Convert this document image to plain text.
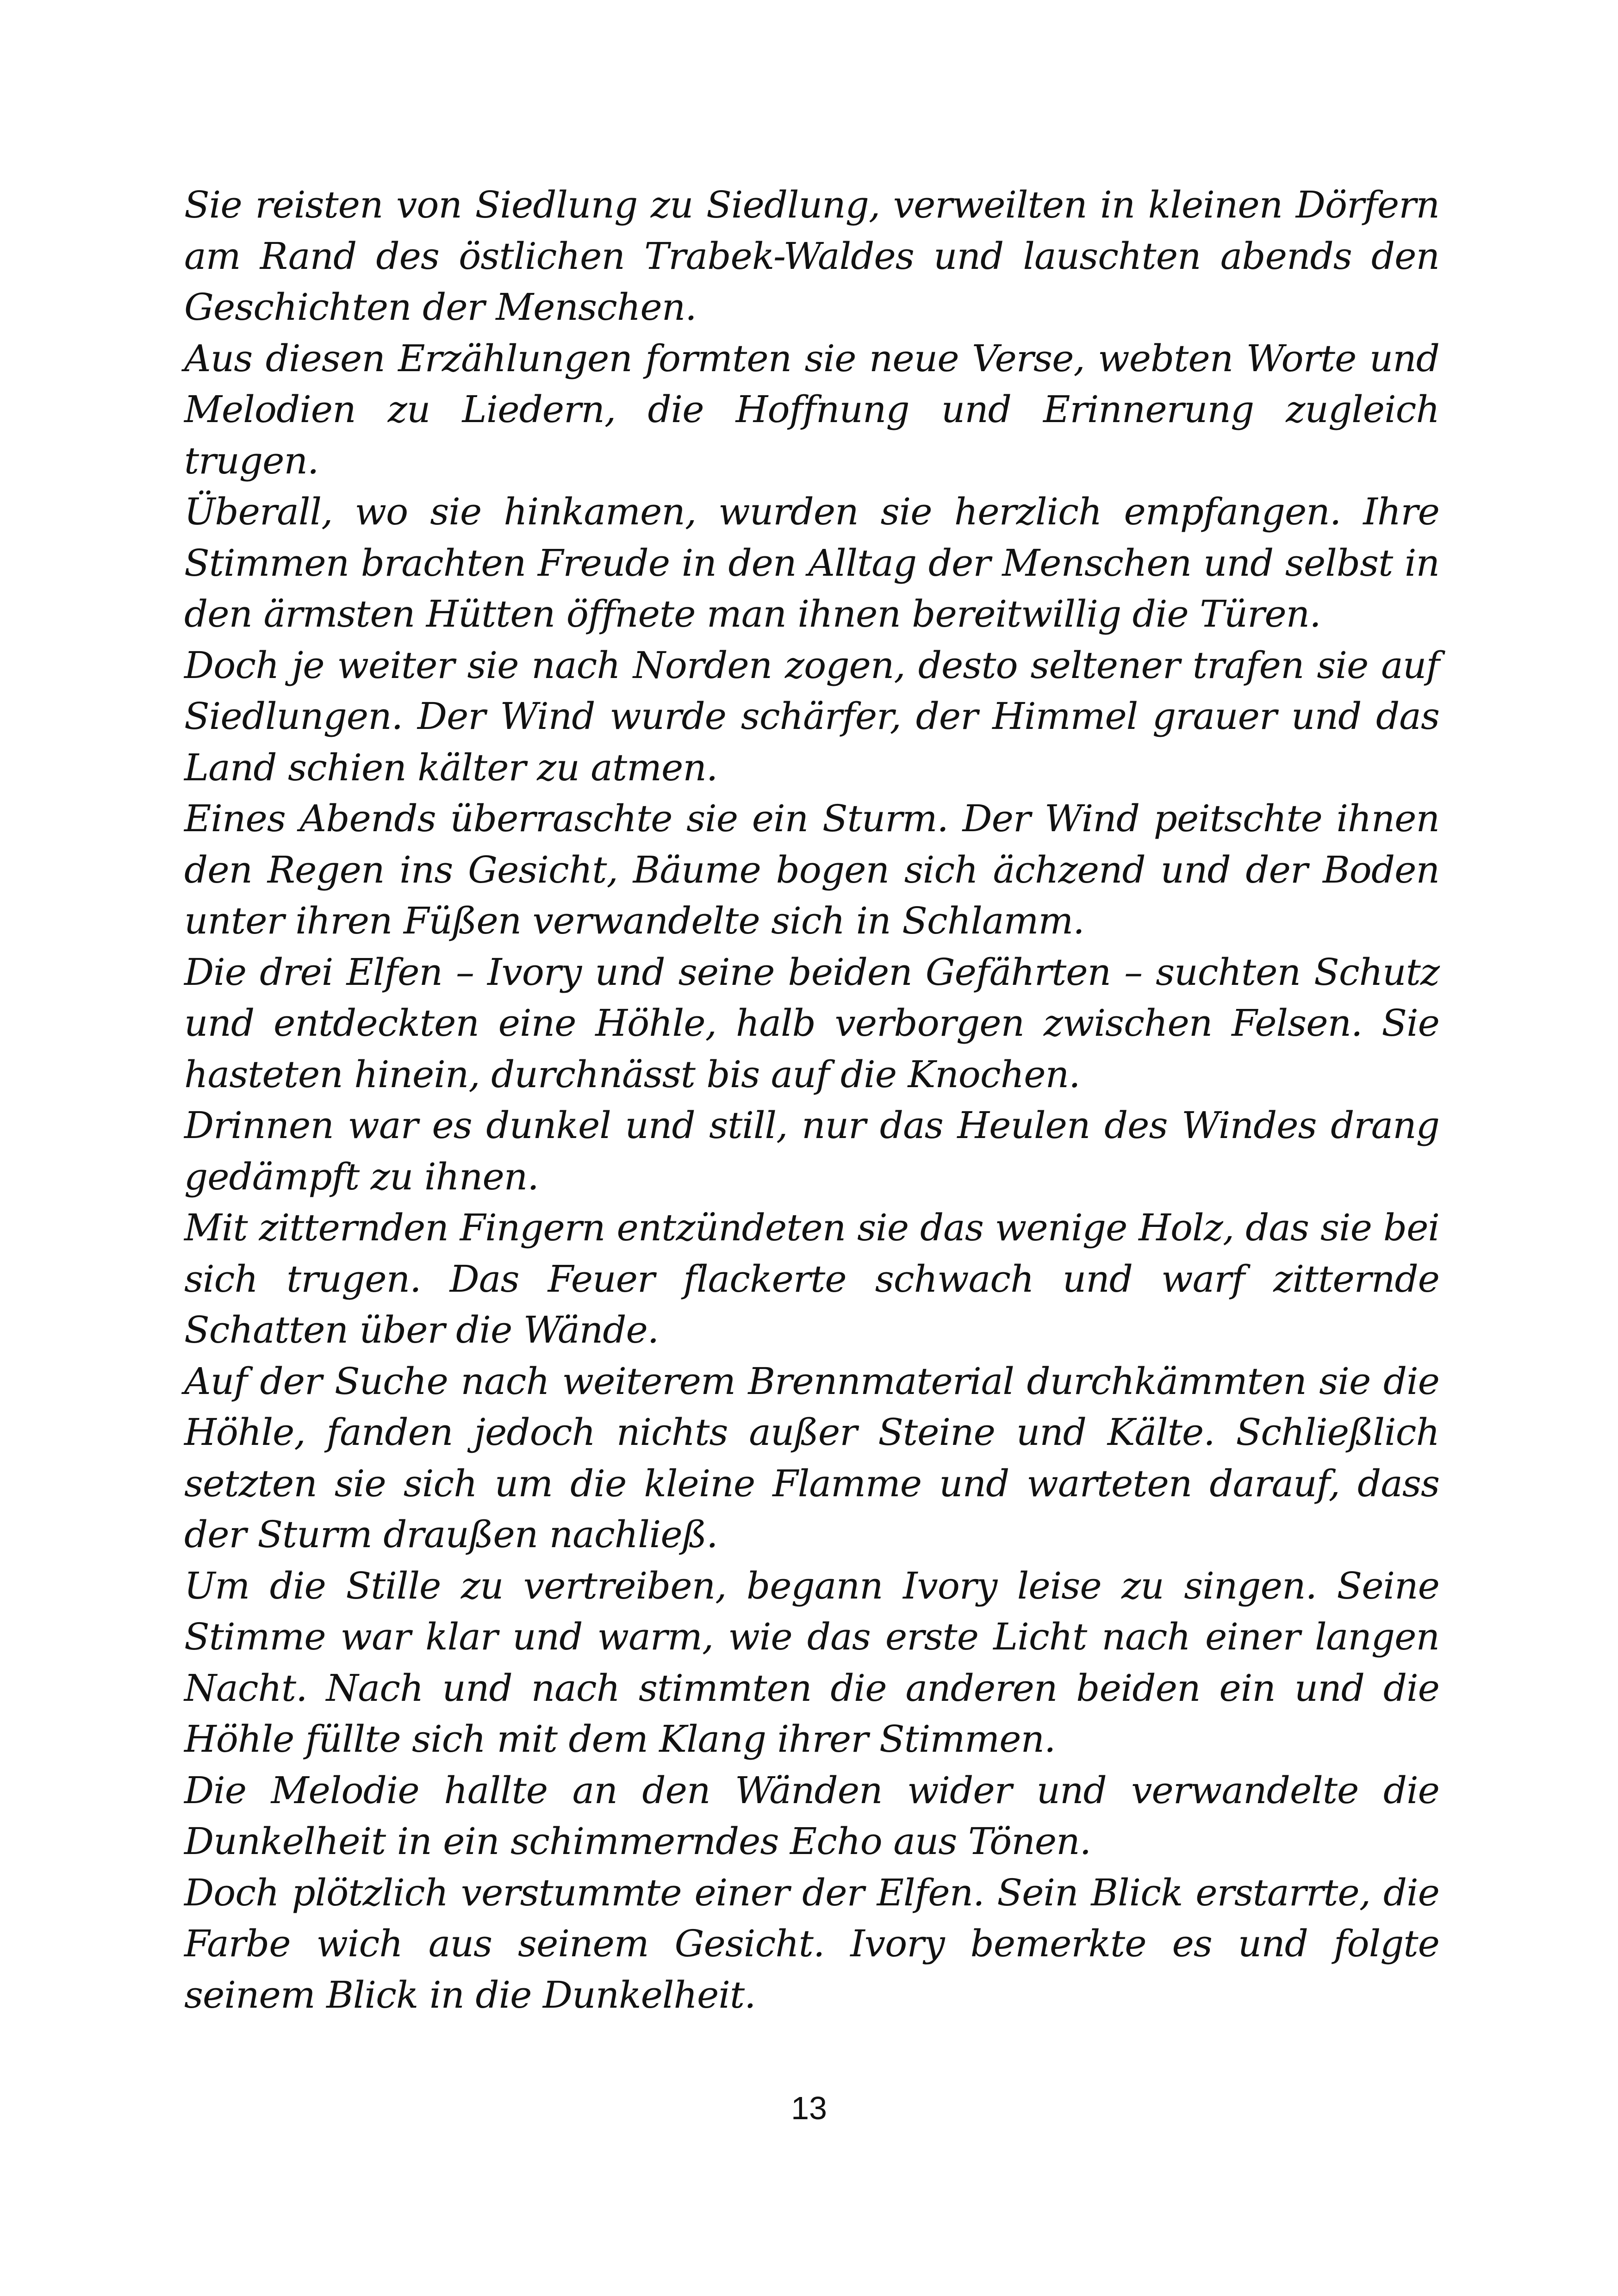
Sie reisten von Siedlung zu Siedlung, verweilten in kleinen Dörfern am Rand des östlichen Trabek-Waldes und lauschten abends den Geschichten der Menschen.

Aus diesen Erzählungen formten sie neue Verse, webten Worte und Melodien zu Liedern, die Hoffnung und Erinnerung zugleich trugen.

Überall, wo sie hinkamen, wurden sie herzlich empfangen. Ihre Stimmen brachten Freude in den Alltag der Menschen und selbst in den ärmsten Hütten öffnete man ihnen bereitwillig die Türen.

Doch je weiter sie nach Norden zogen, desto seltener trafen sie auf Siedlungen. Der Wind wurde schärfer, der Himmel grauer und das Land schien kälter zu atmen.

Eines Abends überraschte sie ein Sturm. Der Wind peitschte ihnen den Regen ins Gesicht, Bäume bogen sich ächzend und der Boden unter ihren Füßen verwandelte sich in Schlamm.

Die drei Elfen – Ivory und seine beiden Gefährten – suchten Schutz und entdeckten eine Höhle, halb verborgen zwischen Felsen. Sie hasteten hinein, durchnässt bis auf die Knochen.

Drinnen war es dunkel und still, nur das Heulen des Windes drang gedämpft zu ihnen.

Mit zitternden Fingern entzündeten sie das wenige Holz, das sie bei sich trugen. Das Feuer flackerte schwach und warf zitternde Schatten über die Wände.

Auf der Suche nach weiterem Brennmaterial durchkämmten sie die Höhle, fanden jedoch nichts außer Steine und Kälte. Schließlich setzten sie sich um die kleine Flamme und warteten darauf, dass der Sturm draußen nachließ.

Um die Stille zu vertreiben, begann Ivory leise zu singen. Seine Stimme war klar und warm, wie das erste Licht nach einer langen Nacht. Nach und nach stimmten die anderen beiden ein und die Höhle füllte sich mit dem Klang ihrer Stimmen.

Die Melodie hallte an den Wänden wider und verwandelte die Dunkelheit in ein schimmerndes Echo aus Tönen.

Doch plötzlich verstummte einer der Elfen. Sein Blick erstarrte, die Farbe wich aus seinem Gesicht. Ivory bemerkte es und folgte seinem Blick in die Dunkelheit.

13
